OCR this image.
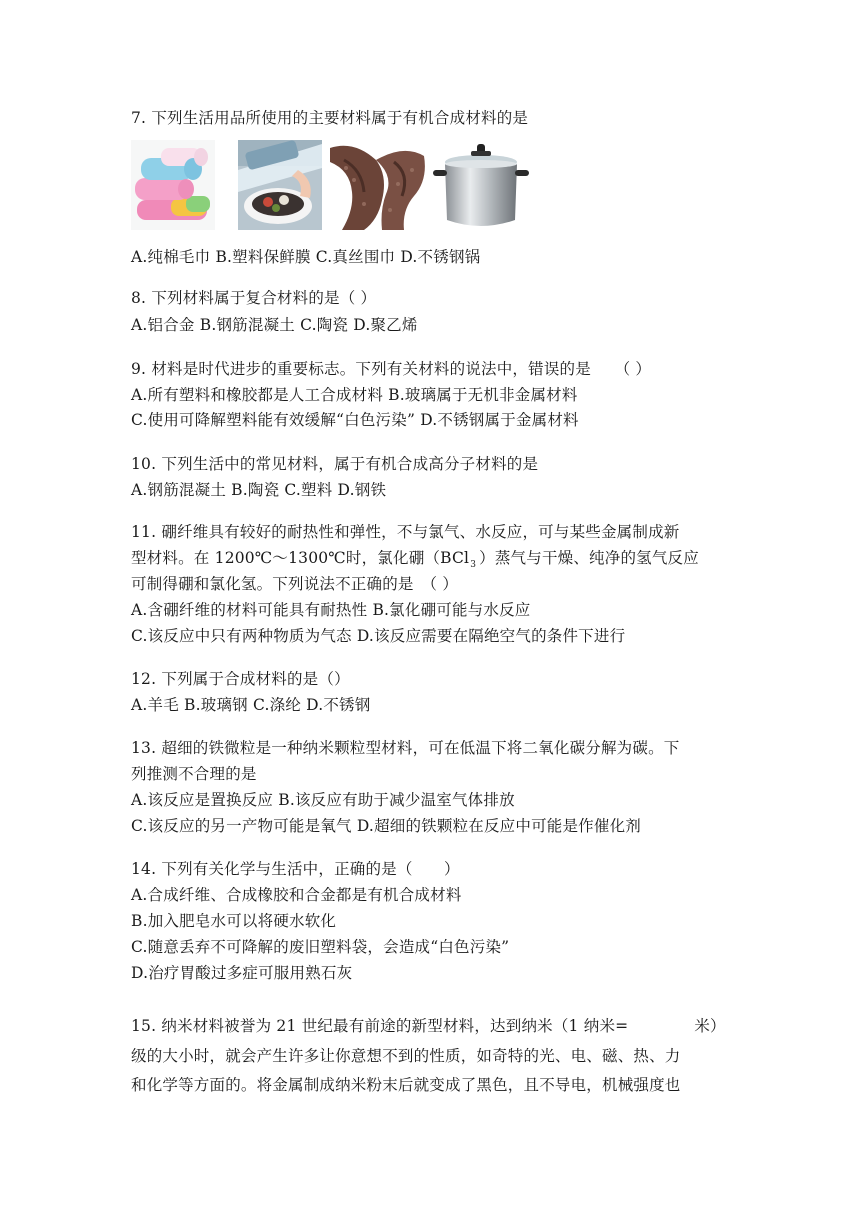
7. 下列生活用品所使用的主要材料属于有机合成材料的是
A.纯棉毛巾 B.塑料保鲜膜 C.真丝围巾 D.不锈钢锅
8. 下列材料属于复合材料的是（ ）
A.铝合金 B.钢筋混凝土 C.陶瓷 D.聚乙烯
9. 材料是时代进步的重要标志。下列有关材料的说法中，错误的是　　（ ）
A.所有塑料和橡胶都是人工合成材料 B.玻璃属于无机非金属材料
C.使用可降解塑料能有效缓解“白色污染” D.不锈钢属于金属材料
10. 下列生活中的常见材料，属于有机合成高分子材料的是
A.钢筋混凝土 B.陶瓷 C.塑料 D.钢铁
11. 硼纤维具有较好的耐热性和弹性，不与氯气、水反应，可与某些金属制成新
型材料。在 1200℃～1300℃时，氯化硼（BCl$_3$ ）蒸气与干燥、纯净的氢气反应
可制得硼和氯化氢。下列说法不正确的是　（ ）
A.含硼纤维的材料可能具有耐热性 B.氯化硼可能与水反应
C.该反应中只有两种物质为气态 D.该反应需要在隔绝空气的条件下进行
12. 下列属于合成材料的是（）
A.羊毛 B.玻璃钢 C.涤纶 D.不锈钢
13. 超细的铁微粒是一种纳米颗粒型材料，可在低温下将二氧化碳分解为碳。下
列推测不合理的是
A.该反应是置换反应 B.该反应有助于减少温室气体排放
C.该反应的另一产物可能是氧气 D.超细的铁颗粒在反应中可能是作催化剂
14. 下列有关化学与生活中，正确的是（　　）
A.合成纤维、合成橡胶和合金都是有机合成材料
B.加入肥皂水可以将硬水软化
C.随意丢弃不可降解的废旧塑料袋，会造成“白色污染”
D.治疗胃酸过多症可服用熟石灰
15. 纳米材料被誉为 21 世纪最有前途的新型材料，达到纳米（1 纳米=	米）
级的大小时，就会产生许多让你意想不到的性质，如奇特的光、电、磁、热、力
和化学等方面的。将金属制成纳米粉末后就变成了黑色，且不导电，机械强度也
